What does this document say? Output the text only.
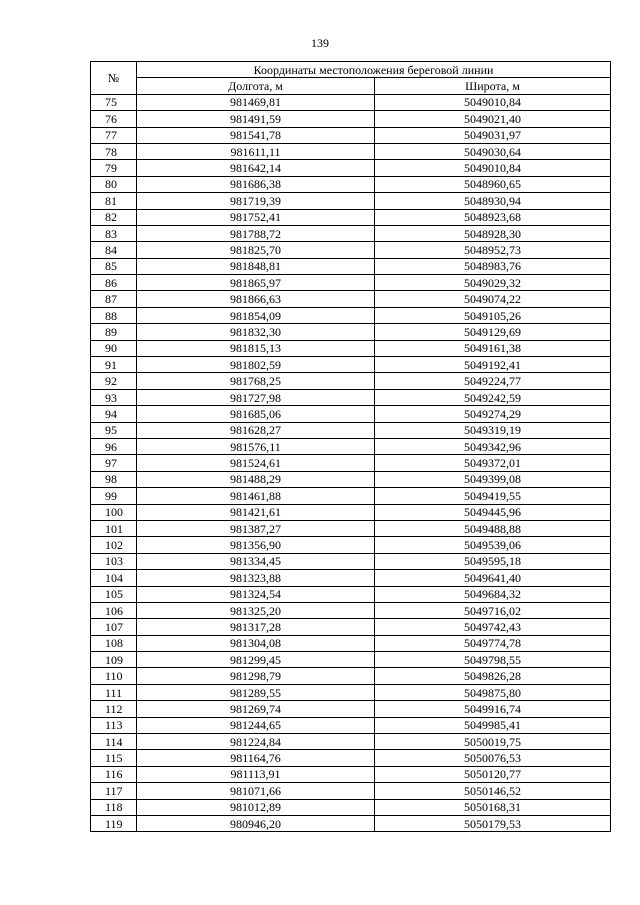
139
№	Координаты местоположения береговой линии	
	Долгота, м	Широта, м
75	981469,81	5049010,84
76	981491,59	5049021,40
77	981541,78	5049031,97
78	981611,11	5049030,64
79	981642,14	5049010,84
80	981686,38	5048960,65
81	981719,39	5048930,94
82	981752,41	5048923,68
83	981788,72	5048928,30
84	981825,70	5048952,73
85	981848,81	5048983,76
86	981865,97	5049029,32
87	981866,63	5049074,22
88	981854,09	5049105,26
89	981832,30	5049129,69
90	981815,13	5049161,38
91	981802,59	5049192,41
92	981768,25	5049224,77
93	981727,98	5049242,59
94	981685,06	5049274,29
95	981628,27	5049319,19
96	981576,11	5049342,96
97	981524,61	5049372,01
98	981488,29	5049399,08
99	981461,88	5049419,55
100	981421,61	5049445,96
101	981387,27	5049488,88
102	981356,90	5049539,06
103	981334,45	5049595,18
104	981323,88	5049641,40
105	981324,54	5049684,32
106	981325,20	5049716,02
107	981317,28	5049742,43
108	981304,08	5049774,78
109	981299,45	5049798,55
110	981298,79	5049826,28
111	981289,55	5049875,80
112	981269,74	5049916,74
113	981244,65	5049985,41
114	981224,84	5050019,75
115	981164,76	5050076,53
116	981113,91	5050120,77
117	981071,66	5050146,52
118	981012,89	5050168,31
119	980946,20	5050179,53
